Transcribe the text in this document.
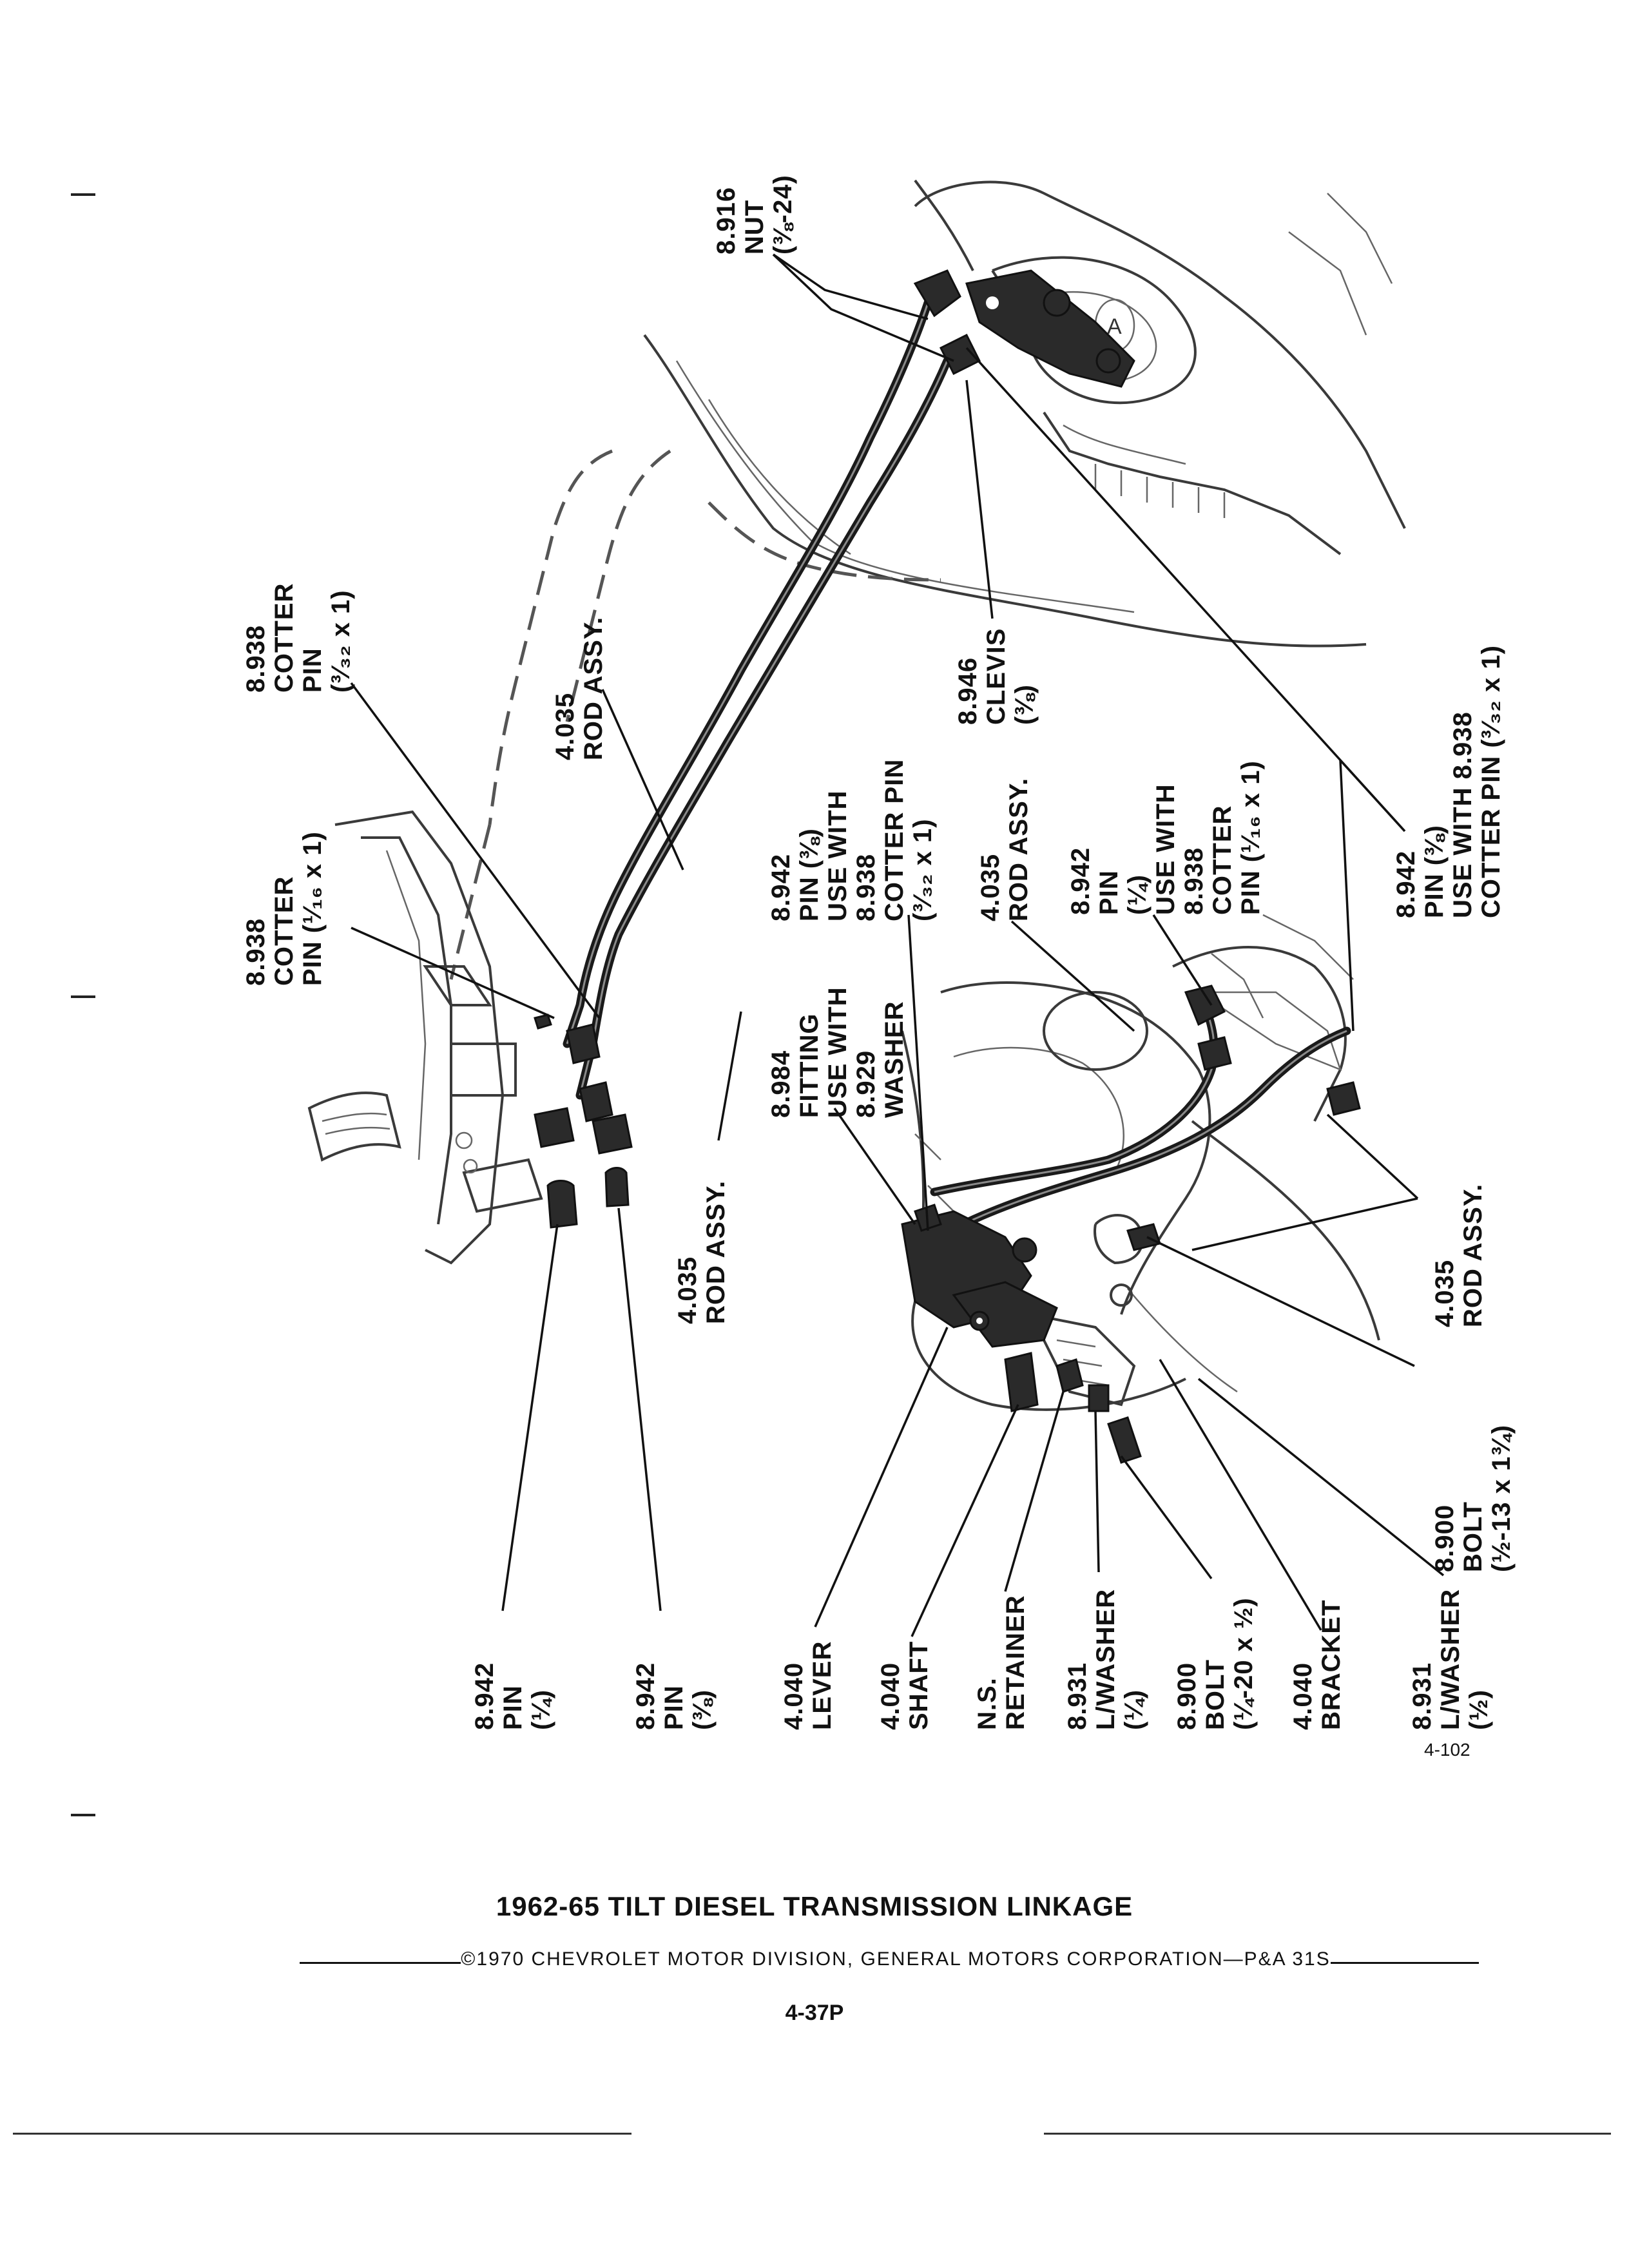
A
8.916 NUT (⅜-24)
8.938 COTTER PIN (³⁄₃₂ x 1)
4.035 ROD ASSY.
8.938 COTTER PIN (¹⁄₁₆ x 1)
8.946 CLEVIS (⅜)
8.942 PIN (⅜) USE WITH 8.938 COTTER PIN (³⁄₃₂ x 1) 4.035 ROD ASSY. 8.942 PIN (¼) USE WITH 8.938 COTTER PIN (¹⁄₁₆ x 1)	8.942 PIN (⅜) USE WITH 8.938 COTTER PIN (³⁄₃₂ x 1)
8.984 FITTING USE WITH 8.929 WASHER
4.035 ROD ASSY.	4.035 ROD ASSY.
8.900 BOLT (½-13 x 1¾)
8.942 PIN (¼)	8.942 PIN (⅜) 4.040 LEVER 4.040 SHAFT N.S. RETAINER 8.931 L/WASHER (¼) 8.900 BOLT (¼-20 x ½) 4.040 BRACKET 8.931 L/WASHER (½)
4-102
1962-65 TILT DIESEL TRANSMISSION LINKAGE
©1970 CHEVROLET MOTOR DIVISION, GENERAL MOTORS CORPORATION—P&A 31S
4-37P
